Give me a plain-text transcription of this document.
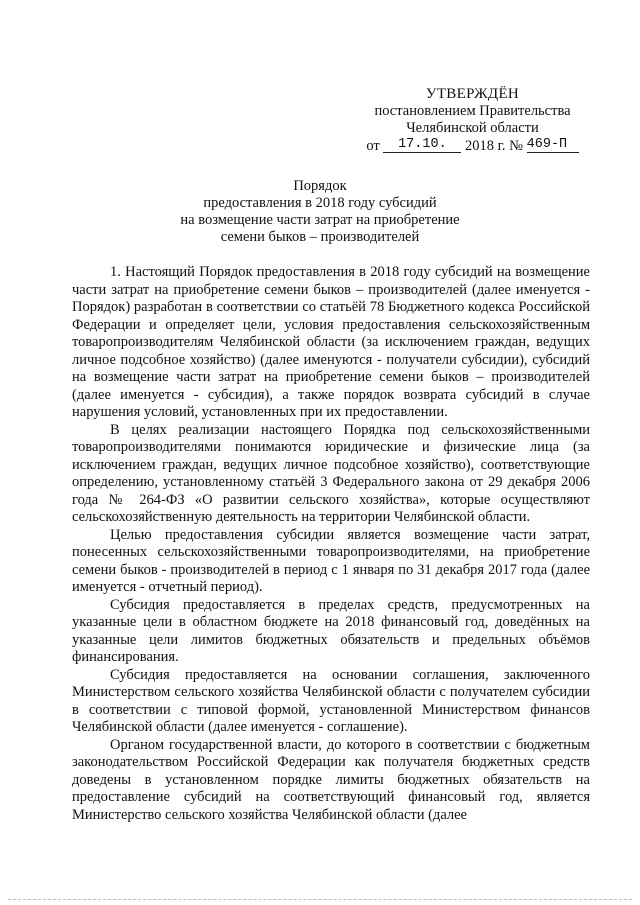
УТВЕРЖДЁН
постановлением Правительства
Челябинской области
от 17.10. 2018 г. № 469-П
Порядок
предоставления в 2018 году субсидий
на возмещение части затрат на приобретение
семени быков – производителей

1. Настоящий Порядок предоставления в 2018 году субсидий на возмещение части затрат на приобретение семени быков – производителей (далее именуется - Порядок) разработан в соответствии со статьёй 78 Бюджетного кодекса Российской Федерации и определяет цели, условия предоставления сельскохозяйственным товаропроизводителям Челябинской области (за исключением граждан, ведущих личное подсобное хозяйство) (далее именуются - получатели субсидии), субсидий на возмещение части затрат на приобретение семени быков – производителей (далее именуется - субсидия), а также порядок возврата субсидий в случае нарушения условий, установленных при их предоставлении.

В целях реализации настоящего Порядка под сельскохозяйственными товаропроизводителями понимаются юридические и физические лица (за исключением граждан, ведущих личное подсобное хозяйство), соответствующие определению, установленному статьёй 3 Федерального закона от 29 декабря 2006 года № 264-ФЗ «О развитии сельского хозяйства», которые осуществляют сельскохозяйственную деятельность на территории Челябинской области.

Целью предоставления субсидии является возмещение части затрат, понесенных сельскохозяйственными товаропроизводителями, на приобретение семени быков - производителей в период с 1 января по 31 декабря 2017 года (далее именуется - отчетный период).

Субсидия предоставляется в пределах средств, предусмотренных на указанные цели в областном бюджете на 2018 финансовый год, доведённых на указанные цели лимитов бюджетных обязательств и предельных объёмов финансирования.

Субсидия предоставляется на основании соглашения, заключенного Министерством сельского хозяйства Челябинской области с получателем субсидии в соответствии с типовой формой, установленной Министерством финансов Челябинской области (далее именуется - соглашение).

Органом государственной власти, до которого в соответствии с бюджетным законодательством Российской Федерации как получателя бюджетных средств доведены в установленном порядке лимиты бюджетных обязательств на предоставление субсидий на соответствующий финансовый год, является Министерство сельского хозяйства Челябинской области (далее
